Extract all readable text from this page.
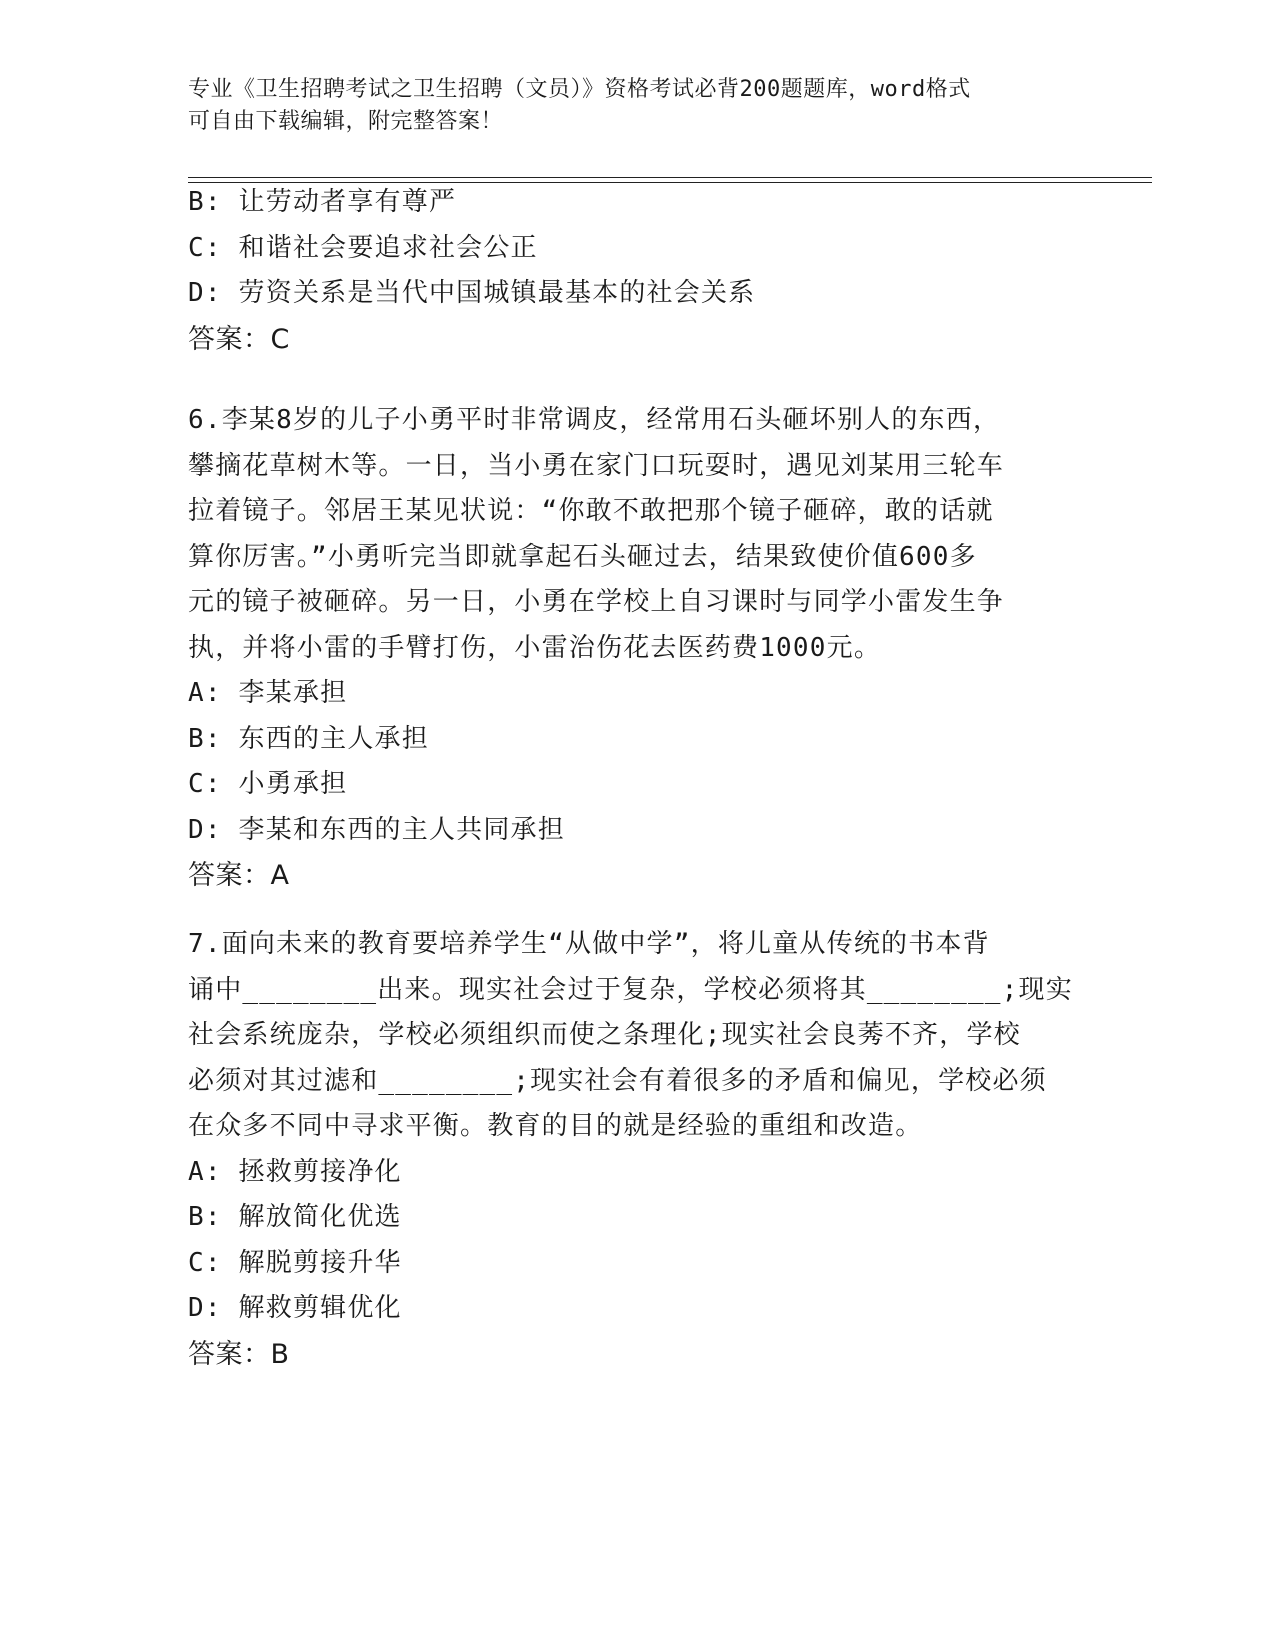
专业《卫生招聘考试之卫生招聘（文员）》资格考试必背200题题库，word格式
可自由下载编辑，附完整答案！
B: 让劳动者享有尊严
C: 和谐社会要追求社会公正
D: 劳资关系是当代中国城镇最基本的社会关系
答案：C
6.李某8岁的儿子小勇平时非常调皮，经常用石头砸坏别人的东西，
攀摘花草树木等。一日，当小勇在家门口玩耍时，遇见刘某用三轮车
拉着镜子。邻居王某见状说：“你敢不敢把那个镜子砸碎，敢的话就
算你厉害。”小勇听完当即就拿起石头砸过去，结果致使价值600多
元的镜子被砸碎。另一日，小勇在学校上自习课时与同学小雷发生争
执，并将小雷的手臂打伤，小雷治伤花去医药费1000元。
A: 李某承担
B: 东西的主人承担
C: 小勇承担
D: 李某和东西的主人共同承担
答案：A
7.面向未来的教育要培养学生“从做中学”，将儿童从传统的书本背
诵中________出来。现实社会过于复杂，学校必须将其________;现实
社会系统庞杂，学校必须组织而使之条理化;现实社会良莠不齐，学校
必须对其过滤和________;现实社会有着很多的矛盾和偏见，学校必须
在众多不同中寻求平衡。教育的目的就是经验的重组和改造。
A: 拯救剪接净化
B: 解放简化优选
C: 解脱剪接升华
D: 解救剪辑优化
答案：B
